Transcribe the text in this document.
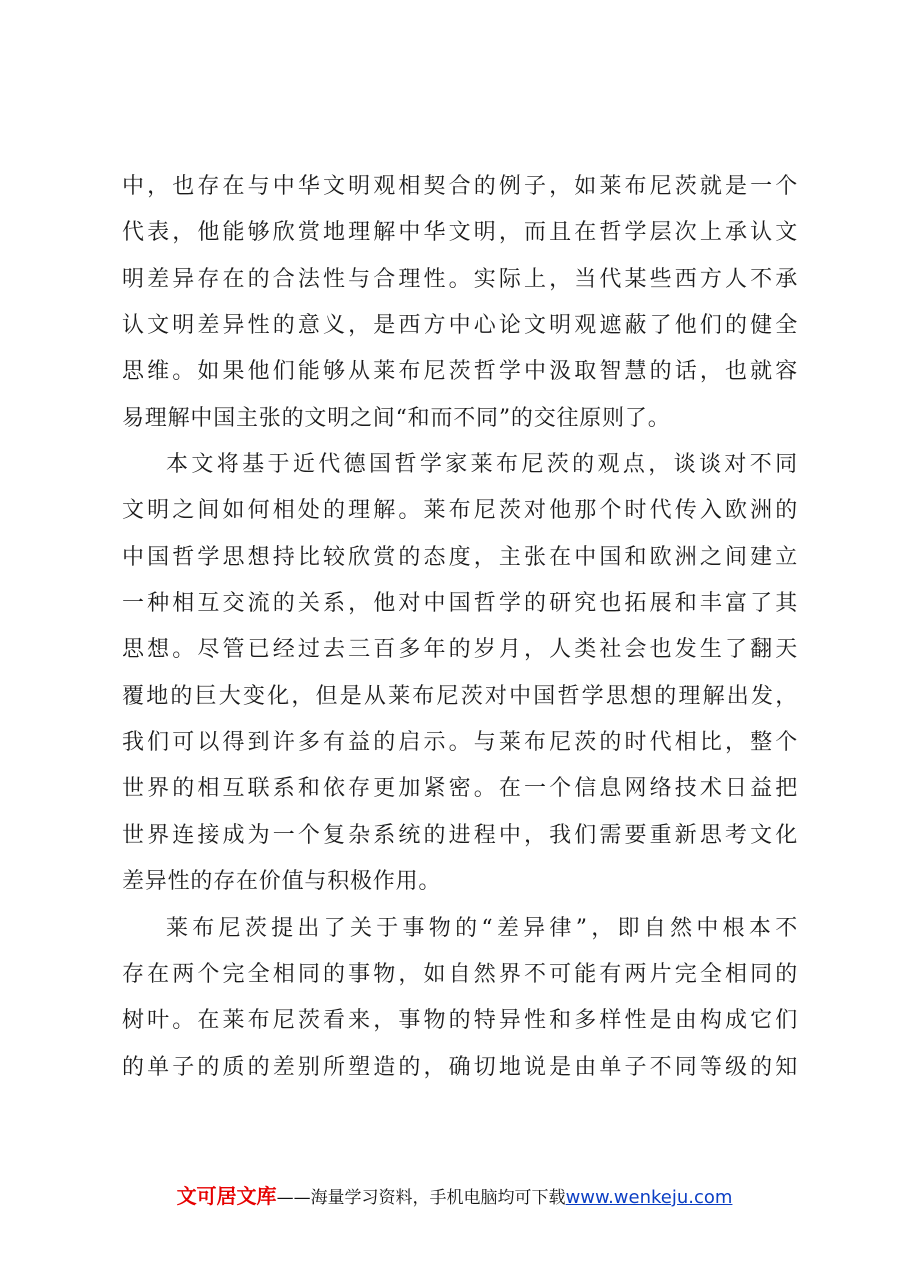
中，也存在与中华文明观相契合的例子，如莱布尼茨就是一个
代表，他能够欣赏地理解中华文明，而且在哲学层次上承认文
明差异存在的合法性与合理性。实际上，当代某些西方人不承
认文明差异性的意义，是西方中心论文明观遮蔽了他们的健全
思维。如果他们能够从莱布尼茨哲学中汲取智慧的话，也就容
易理解中国主张的文明之间“和而不同”的交往原则了。
本文将基于近代德国哲学家莱布尼茨的观点，谈谈对不同
文明之间如何相处的理解。莱布尼茨对他那个时代传入欧洲的
中国哲学思想持比较欣赏的态度，主张在中国和欧洲之间建立
一种相互交流的关系，他对中国哲学的研究也拓展和丰富了其
思想。尽管已经过去三百多年的岁月，人类社会也发生了翻天
覆地的巨大变化，但是从莱布尼茨对中国哲学思想的理解出发，
我们可以得到许多有益的启示。与莱布尼茨的时代相比，整个
世界的相互联系和依存更加紧密。在一个信息网络技术日益把
世界连接成为一个复杂系统的进程中，我们需要重新思考文化
差异性的存在价值与积极作用。
莱布尼茨提出了关于事物的“差异律”，即自然中根本不
存在两个完全相同的事物，如自然界不可能有两片完全相同的
树叶。在莱布尼茨看来，事物的特异性和多样性是由构成它们
的单子的质的差别所塑造的，确切地说是由单子不同等级的知
文可居文库——海量学习资料，手机电脑均可下载www.wenkeju.com
